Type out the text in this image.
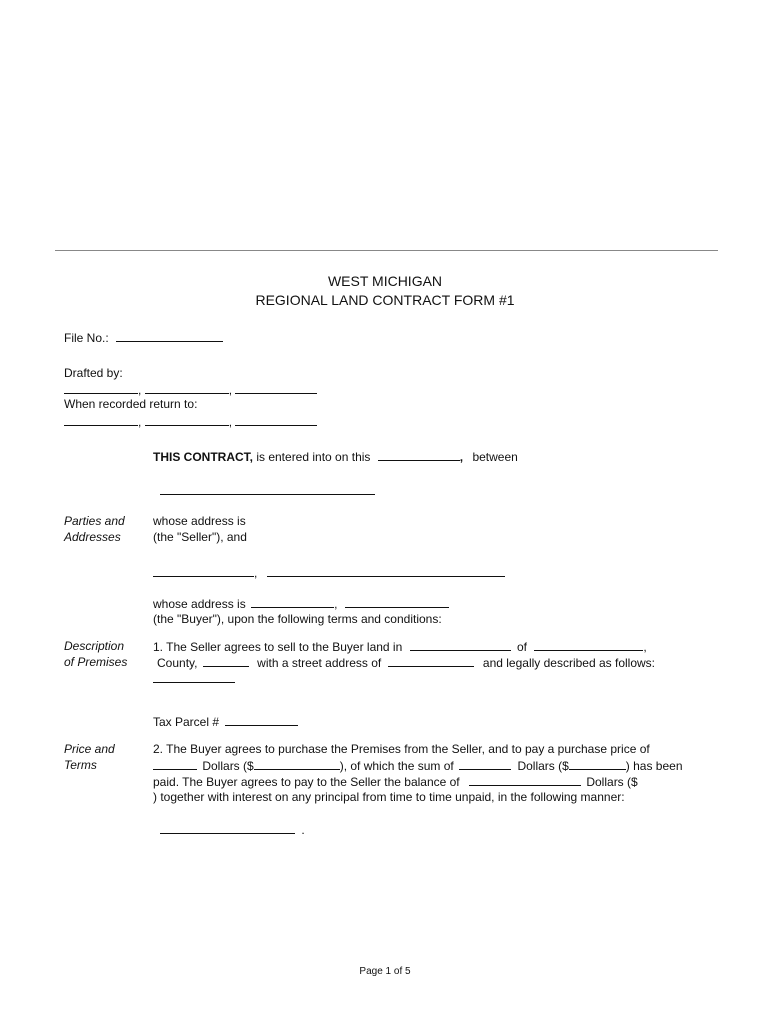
WEST MICHIGAN
REGIONAL LAND CONTRACT FORM #1
File No.:
Drafted by:
,	,
When recorded return to:
,	,
THIS CONTRACT, is entered into on this	, between
Parties and
Addresses
whose address is
(the "Seller"), and
,
whose address is	,
(the "Buyer"), upon the following terms and conditions:
Description
of Premises
1. The Seller agrees to sell to the Buyer land in	of	,
County,	with a street address of	and legally described as follows:
Tax Parcel #
Price and
Terms
2. The Buyer agrees to purchase the Premises from the Seller, and to pay a purchase price of
Dollars ($	), of which the sum of	Dollars ($	) has been
paid. The Buyer agrees to pay to the Seller the balance of	Dollars ($
) together with interest on any principal from time to time unpaid, in the following manner:
.
Page 1 of 5
